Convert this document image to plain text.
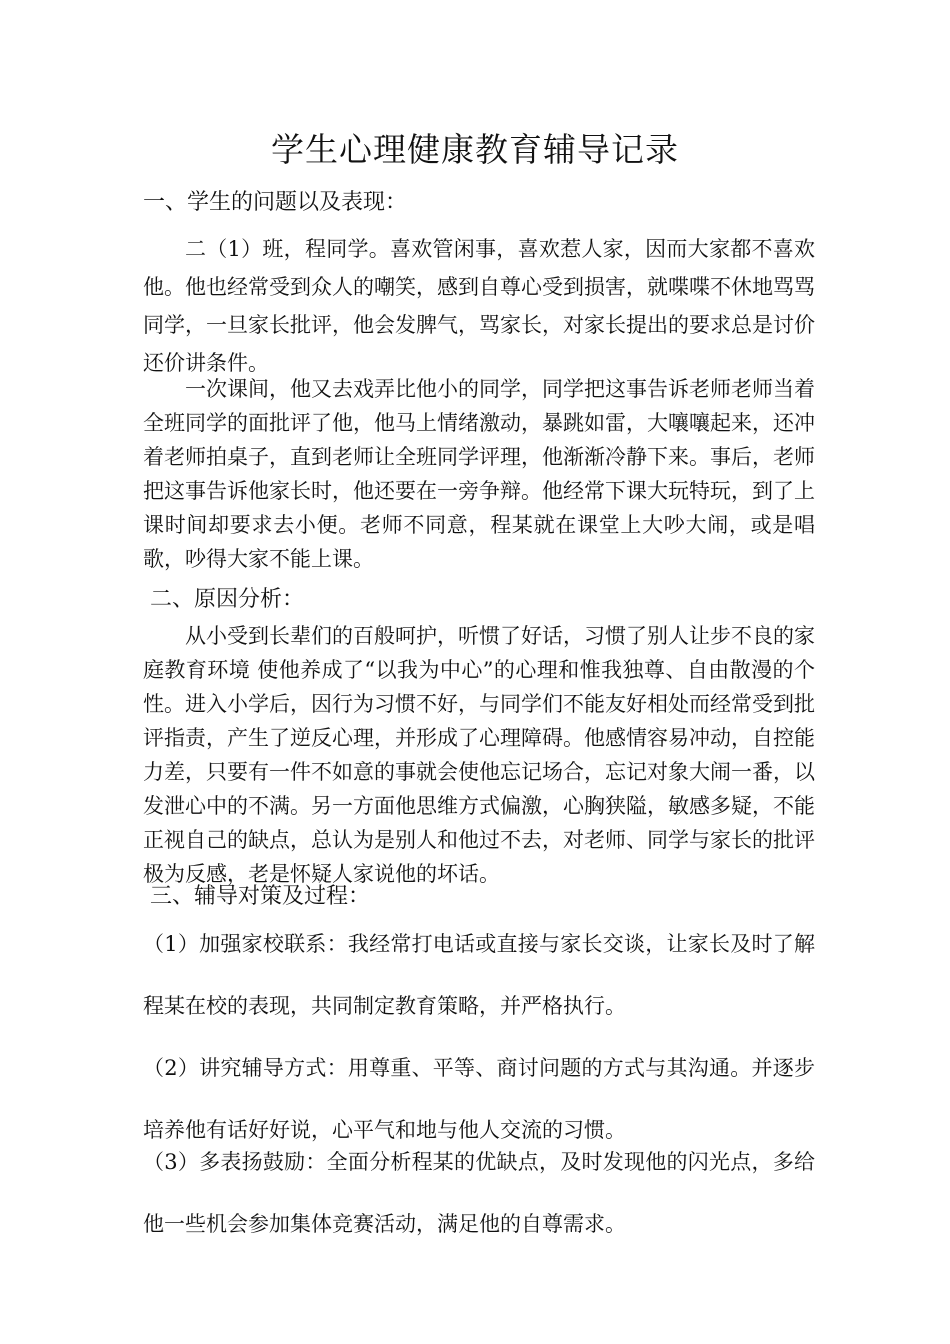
学生心理健康教育辅导记录
一、学生的问题以及表现：
二（1）班，程同学。喜欢管闲事，喜欢惹人家，因而大家都不喜欢他。他也经常受到众人的嘲笑，感到自尊心受到损害，就喋喋不休地骂骂同学，一旦家长批评，他会发脾气，骂家长，对家长提出的要求总是讨价还价讲条件。
一次课间，他又去戏弄比他小的同学，同学把这事告诉老师老师当着全班同学的面批评了他，他马上情绪激动，暴跳如雷，大嚷嚷起来，还冲着老师拍桌子，直到老师让全班同学评理，他渐渐冷静下来。事后，老师把这事告诉他家长时，他还要在一旁争辩。他经常下课大玩特玩，到了上课时间却要求去小便。老师不同意，程某就在课堂上大吵大闹，或是唱歌，吵得大家不能上课。
二、原因分析：
从小受到长辈们的百般呵护，听惯了好话，习惯了别人让步不良的家庭教育环境 使他养成了“以我为中心”的心理和惟我独尊、自由散漫的个性。进入小学后，因行为习惯不好，与同学们不能友好相处而经常受到批评指责，产生了逆反心理，并形成了心理障碍。他感情容易冲动，自控能力差，只要有一件不如意的事就会使他忘记场合，忘记对象大闹一番，以发泄心中的不满。另一方面他思维方式偏激，心胸狭隘，敏感多疑，不能正视自己的缺点，总认为是别人和他过不去，对老师、同学与家长的批评极为反感，老是怀疑人家说他的坏话。
三、辅导对策及过程：
（1）加强家校联系：我经常打电话或直接与家长交谈，让家长及时了解程某在校的表现，共同制定教育策略，并严格执行。
（2）讲究辅导方式：用尊重、平等、商讨问题的方式与其沟通。并逐步培养他有话好好说，心平气和地与他人交流的习惯。
（3）多表扬鼓励：全面分析程某的优缺点，及时发现他的闪光点，多给他一些机会参加集体竞赛活动，满足他的自尊需求。
